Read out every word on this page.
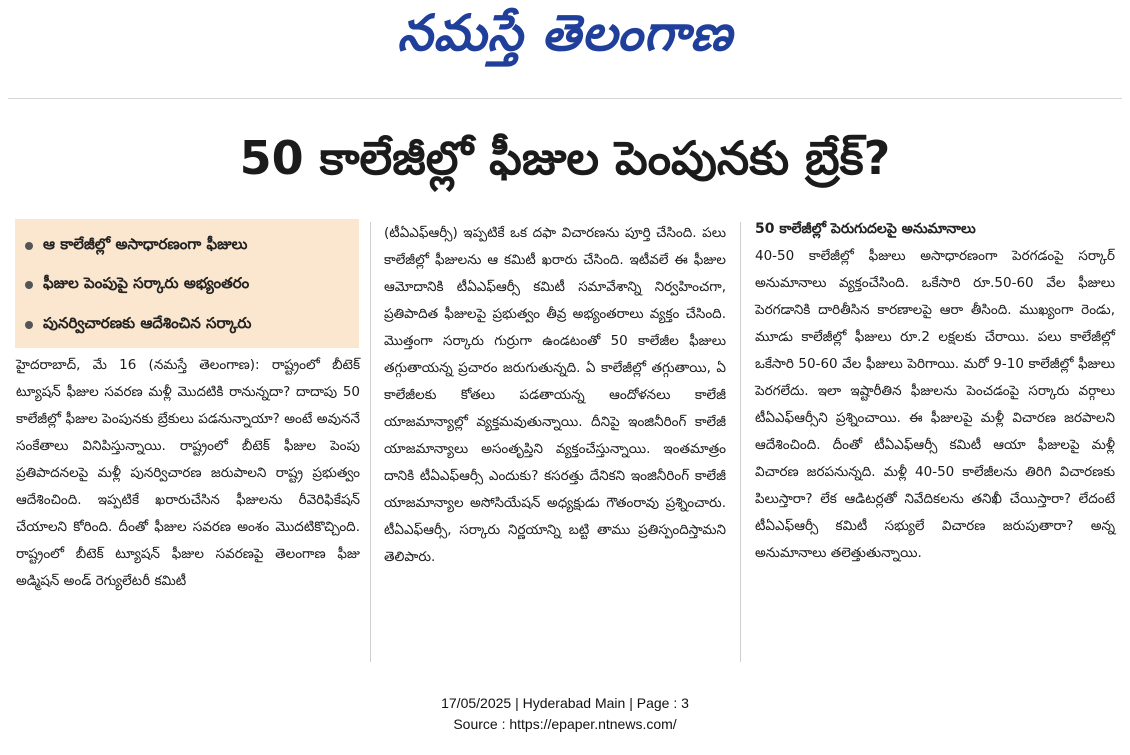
నమస్తే తెలంగాణ
50 కాలేజీల్లో ఫీజుల పెంపునకు బ్రేక్?
ఆ కాలేజీల్లో అసాధారణంగా ఫీజులు
ఫీజుల పెంపుపై సర్కారు అభ్యంతరం
పునర్విచారణకు ఆదేశించిన సర్కారు

హైదరాబాద్, మే 16 (నమస్తే తెలంగాణ): రాష్ట్రంలో బీటెక్ ట్యూషన్ ఫీజుల సవరణ మళ్లీ మొదటికి రానున్నదా? దాదాపు 50 కాలేజీల్లో ఫీజుల పెంపునకు బ్రేకులు పడనున్నాయా? అంటే అవుననే సంకేతాలు వినిపిస్తున్నాయి. రాష్ట్రంలో బీటెక్ ఫీజుల పెంపు ప్రతిపాదనలపై మళ్లీ పునర్విచారణ జరుపాలని రాష్ట్ర ప్రభుత్వం ఆదేశించింది. ఇప్పటికే ఖరారుచేసిన ఫీజులను రీవెరిఫికేషన్ చేయాలని కోరింది. దీంతో ఫీజుల సవరణ అంశం మొదటికొచ్చింది. రాష్ట్రంలో బీటెక్ ట్యూషన్ ఫీజుల సవరణపై తెలంగాణ ఫీజు అడ్మిషన్ అండ్ రెగ్యులేటరీ కమిటీ

(టీఏఎఫ్ఆర్సీ) ఇప్పటికే ఒక దఫా విచారణను పూర్తి చేసింది. పలు కాలేజీల్లో ఫీజులను ఆ కమిటీ ఖరారు చేసింది. ఇటీవలే ఈ ఫీజుల ఆమోదానికి టీఏఎఫ్ఆర్సీ కమిటీ సమావేశాన్ని నిర్వహించగా, ప్రతిపాదిత ఫీజులపై ప్రభుత్వం తీవ్ర అభ్యంతరాలు వ్యక్తం చేసింది. మొత్తంగా సర్కారు గుర్రుగా ఉండటంతో 50 కాలేజీల ఫీజులు తగ్గుతాయన్న ప్రచారం జరుగుతున్నది. ఏ కాలేజీల్లో తగ్గుతాయి, ఏ కాలేజీలకు కోతలు పడతాయన్న ఆందోళనలు కాలేజీ యాజమాన్యాల్లో వ్యక్తమవుతున్నాయి. దీనిపై ఇంజినీరింగ్ కాలేజీ యాజమాన్యాలు అసంతృప్తిని వ్యక్తంచేస్తున్నాయి. ఇంతమాత్రం దానికి టీఏఎఫ్ఆర్సీ ఎందుకు? కసరత్తు దేనికని ఇంజినీరింగ్ కాలేజీ యాజమాన్యాల అసోసియేషన్ అధ్యక్షుడు గౌతంరావు ప్రశ్నించారు. టీఏఎఫ్ఆర్సీ, సర్కారు నిర్ణయాన్ని బట్టి తాము ప్రతిస్పందిస్తామని తెలిపారు.

50 కాలేజీల్లో పెరుగుదలపై అనుమానాలు

40-50 కాలేజీల్లో ఫీజులు అసాధారణంగా పెరగడంపై సర్కార్ అనుమానాలు వ్యక్తంచేసింది. ఒకేసారి రూ.50-60 వేల ఫీజులు పెరగడానికి దారితీసిన కారణాలపై ఆరా తీసింది. ముఖ్యంగా రెండు, మూడు కాలేజీల్లో ఫీజులు రూ.2 లక్షలకు చేరాయి. పలు కాలేజీల్లో ఒకేసారి 50-60 వేల ఫీజులు పెరిగాయి. మరో 9-10 కాలేజీల్లో ఫీజులు పెరగలేదు. ఇలా ఇష్టారీతిన ఫీజులను పెంచడంపై సర్కారు వర్గాలు టీఏఎఫ్ఆర్సీని ప్రశ్నించాయి. ఈ ఫీజులపై మళ్లీ విచారణ జరపాలని ఆదేశించింది. దీంతో టీఏఎఫ్ఆర్సీ కమిటీ ఆయా ఫీజులపై మళ్లీ విచారణ జరపనున్నది. మళ్లీ 40-50 కాలేజీలను తిరిగి విచారణకు పిలుస్తారా? లేక ఆడిటర్లతో నివేదికలను తనిఖీ చేయిస్తారా? లేదంటే టీఏఎఫ్ఆర్సీ కమిటీ సభ్యులే విచారణ జరుపుతారా? అన్న అనుమానాలు తలెత్తుతున్నాయి.

17/05/2025 | Hyderabad Main | Page : 3
Source : https://epaper.ntnews.com/
